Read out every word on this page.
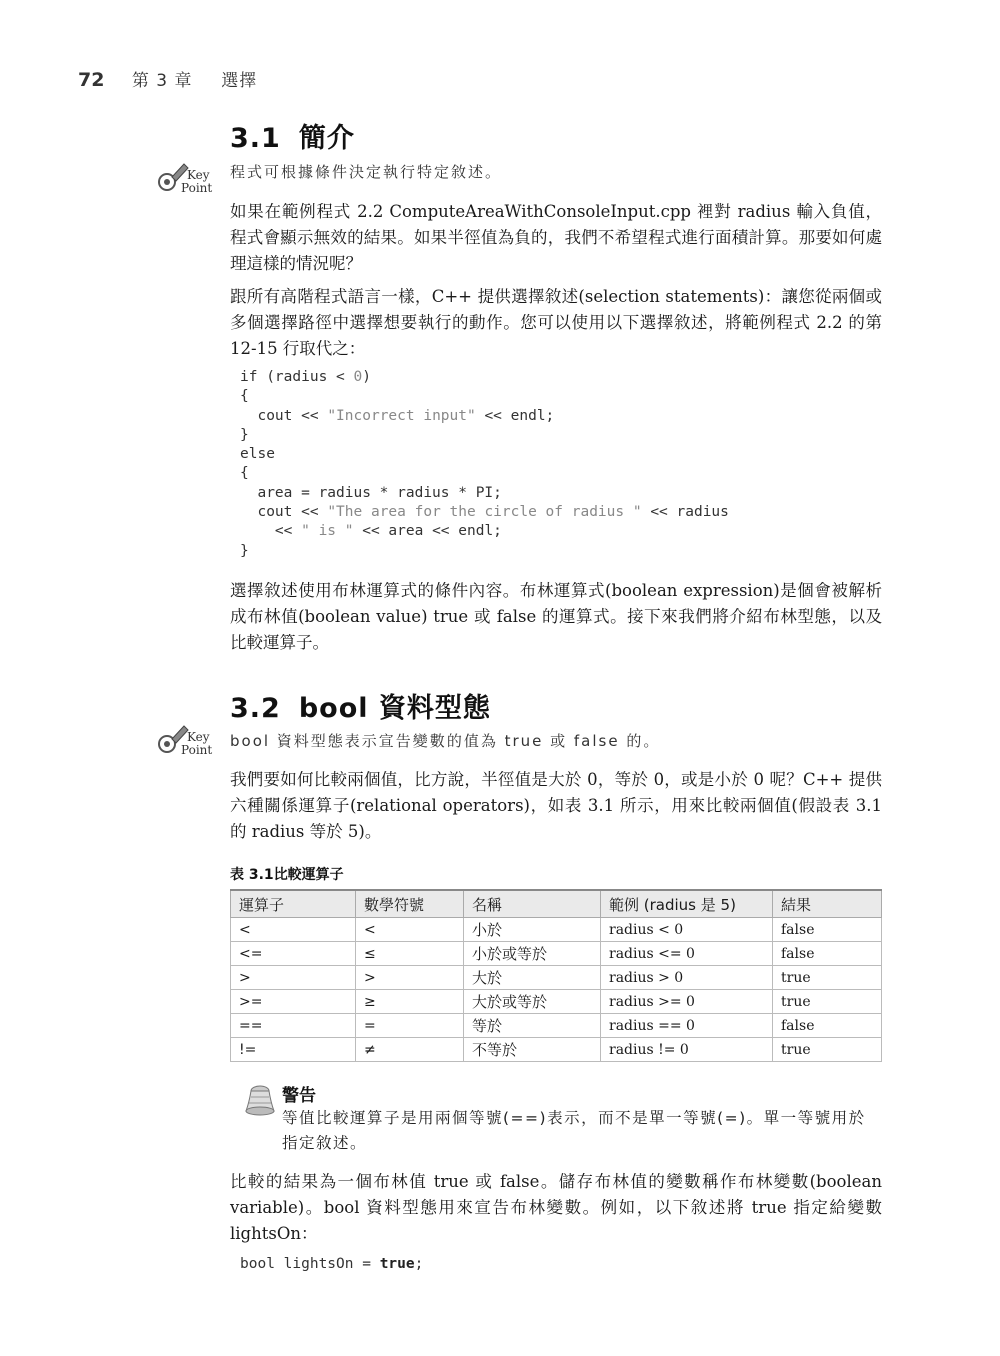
72 第 3 章 選擇
3.1 簡介
Key
Point
程式可根據條件決定執行特定敘述。

如果在範例程式 2.2 ComputeAreaWithConsoleInput.cpp 裡對 radius 輸入負值，程式會顯示無效的結果。如果半徑值為負的，我們不希望程式進行面積計算。那要如何處理這樣的情況呢？

跟所有高階程式語言一樣，C++ 提供選擇敘述(selection statements)：讓您從兩個或多個選擇路徑中選擇想要執行的動作。您可以使用以下選擇敘述，將範例程式 2.2 的第 12-15 行取代之：

if (radius < 0)
{
cout << "Incorrect input" << endl;
}
else
{
area = radius * radius * PI;
cout << "The area for the circle of radius " << radius
<< " is " << area << endl;
}

選擇敘述使用布林運算式的條件內容。布林運算式(boolean expression)是個會被解析成布林值(boolean value) true 或 false 的運算式。接下來我們將介紹布林型態，以及比較運算子。

3.2 bool 資料型態
Key
Point bool 資料型態表示宣告變數的值為 true 或 false 的。

我們要如何比較兩個值，比方說，半徑值是大於 0，等於 0，或是小於 0 呢？C++ 提供六種關係運算子(relational operators)，如表 3.1 所示，用來比較兩個值(假設表 3.1 的 radius 等於 5)。

表 3.1比較運算子
運算子	數學符號	名稱	範例 (radius 是 5)	結果
<	<	小於	radius < 0	false
<=	≤	小於或等於	radius <= 0	false
>	>	大於	radius > 0	true
>=	≥	大於或等於	radius >= 0	true
==	=	等於	radius == 0	false
!=	≠	不等於	radius != 0	true
警告
等值比較運算子是用兩個等號(==)表示，而不是單一等號(=)。單一等號用於指定敘述。

比較的結果為一個布林值 true 或 false。儲存布林值的變數稱作布林變數(boolean variable)。bool 資料型態用來宣告布林變數。例如，以下敘述將 true 指定給變數 lightsOn：

bool lightsOn = true;
